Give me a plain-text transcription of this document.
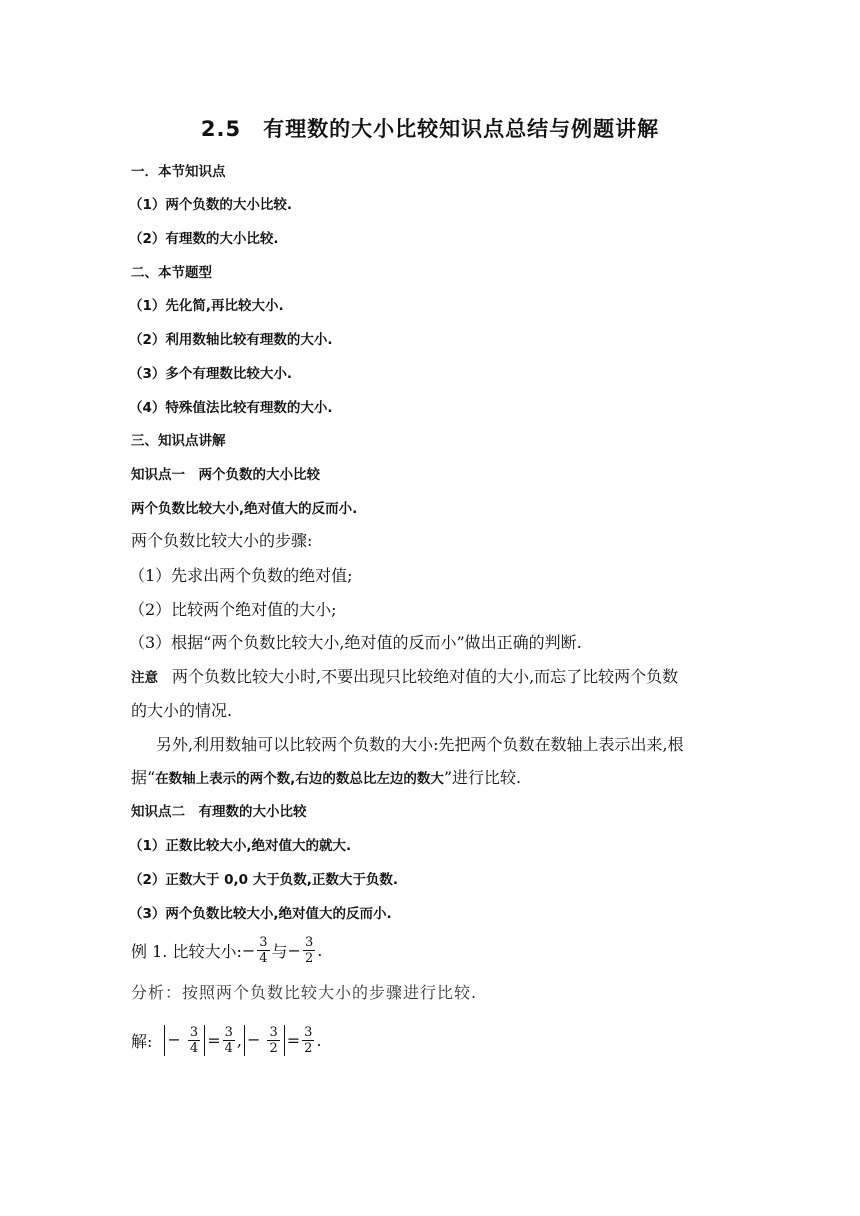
2.5 有理数的大小比较知识点总结与例题讲解
一．本节知识点
（1）两个负数的大小比较.
（2）有理数的大小比较.
二、本节题型
（1）先化简,再比较大小.
（2）利用数轴比较有理数的大小.
（3）多个有理数比较大小.
（4）特殊值法比较有理数的大小.
三、知识点讲解
知识点一　两个负数的大小比较
两个负数比较大小,绝对值大的反而小.
两个负数比较大小的步骤:
（1）先求出两个负数的绝对值;
（2）比较两个绝对值的大小;
（3）根据“两个负数比较大小,绝对值的反而小”做出正确的判断.
注意 两个负数比较大小时,不要出现只比较绝对值的大小,而忘了比较两个负数
的大小的情况.
另外,利用数轴可以比较两个负数的大小:先把两个负数在数轴上表示出来,根
据“在数轴上表示的两个数,右边的数总比左边的数大”进行比较.
知识点二　有理数的大小比较
（1）正数比较大小,绝对值大的就大.
（2）正数大于 0,0 大于负数,正数大于负数.
（3）两个负数比较大小,绝对值大的反而小.
例 1. 比较大小: − $\frac{3}{4}$ 与 − $\frac{3}{2}$ .
分析：按照两个负数比较大小的步骤进行比较.
解: − $\frac{3}{4} = \frac{3}{4}$ , − $\frac{3}{2} = \frac{3}{2}$ .
